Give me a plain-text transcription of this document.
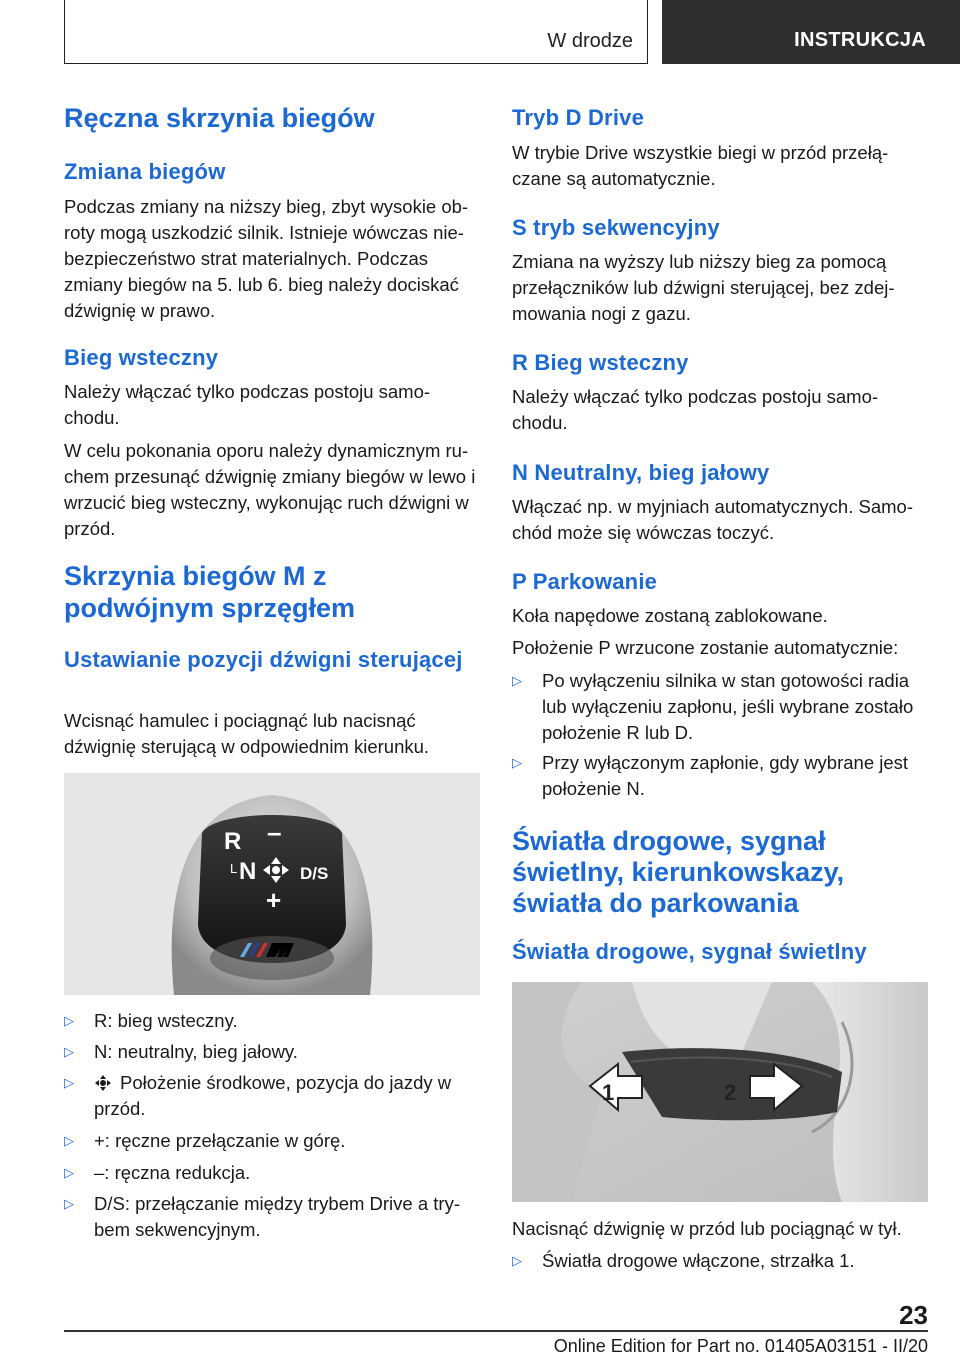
W drodze	INSTRUKCJA
Ręczna skrzynia biegów
Zmiana biegów

Podczas zmiany na niższy bieg, zbyt wysokie ob-roty mogą uszkodzić silnik. Istnieje wówczas nie-bezpieczeństwo strat materialnych. Podczas zmiany biegów na 5. lub 6. bieg należy dociskać dźwignię w prawo.

Bieg wsteczny

Należy włączać tylko podczas postoju samo-chodu.

W celu pokonania oporu należy dynamicznym ru-chem przesunąć dźwignię zmiany biegów w lewo i wrzucić bieg wsteczny, wykonując ruch dźwigni w przód.

Skrzynia biegów M z podwójnym sprzęgłem
Ustawianie pozycji dźwigni sterującej

Wcisnąć hamulec i pociągnąć lub nacisnąć dźwignię sterującą w odpowiednim kierunku.

R –
L N	D/S
+
▷ R: bieg wsteczny.
▷ N: neutralny, bieg jałowy.
▷	Położenie środkowe, pozycja do jazdy w przód.
▷ +: ręczne przełączanie w górę.
▷ –: ręczna redukcja.
▷ D/S: przełączanie między trybem Drive a try-bem sekwencyjnym.
Tryb D Drive

W trybie Drive wszystkie biegi w przód przełą-czane są automatycznie.

S tryb sekwencyjny

Zmiana na wyższy lub niższy bieg za pomocą przełączników lub dźwigni sterującej, bez zdej-mowania nogi z gazu.

R Bieg wsteczny

Należy włączać tylko podczas postoju samo-chodu.

N Neutralny, bieg jałowy

Włączać np. w myjniach automatycznych. Samo-chód może się wówczas toczyć.

P Parkowanie

Koła napędowe zostaną zablokowane.

Położenie P wrzucone zostanie automatycznie:

Światła drogowe, sygnał świetlny, kierunkowskazy, światła do parkowania
Światła drogowe, sygnał świetlny
▷ Po wyłączeniu silnika w stan gotowości radia lub wyłączeniu zapłonu, jeśli wybrane zostało położenie R lub D.
▷ Przy wyłączonym zapłonie, gdy wybrane jest położenie N.
1	2

Nacisnąć dźwignię w przód lub pociągnąć w tył.

▷ Światła drogowe włączone, strzałka 1.
23
Online Edition for Part no. 01405A03151 - II/20
